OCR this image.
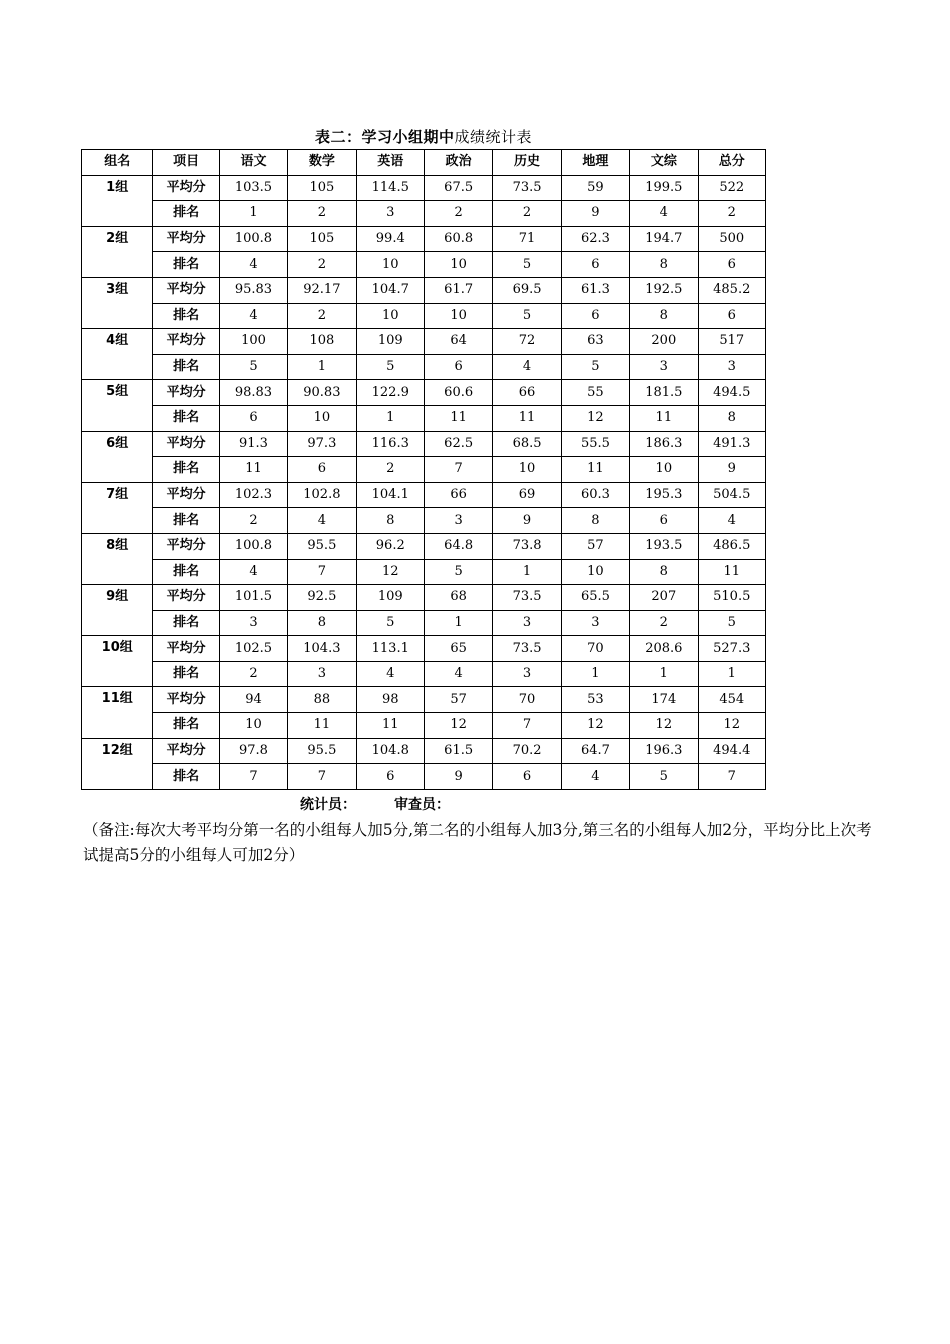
表二：学习小组期中成绩统计表
组名	项目	语文	数学	英语	政治	历史	地理	文综	总分
1组	平均分	103.5	105	114.5	67.5	73.5	59	199.5	522
	排名	1	2	3	2	2	9	4	2
2组	平均分	100.8	105	99.4	60.8	71	62.3	194.7	500
	排名	4	2	10	10	5	6	8	6
3组	平均分	95.83	92.17	104.7	61.7	69.5	61.3	192.5	485.2
	排名	4	2	10	10	5	6	8	6
4组	平均分	100	108	109	64	72	63	200	517
	排名	5	1	5	6	4	5	3	3
5组	平均分	98.83	90.83	122.9	60.6	66	55	181.5	494.5
	排名	6	10	1	11	11	12	11	8
6组	平均分	91.3	97.3	116.3	62.5	68.5	55.5	186.3	491.3
	排名	11	6	2	7	10	11	10	9
7组	平均分	102.3	102.8	104.1	66	69	60.3	195.3	504.5
	排名	2	4	8	3	9	8	6	4
8组	平均分	100.8	95.5	96.2	64.8	73.8	57	193.5	486.5
	排名	4	7	12	5	1	10	8	11
9组	平均分	101.5	92.5	109	68	73.5	65.5	207	510.5
	排名	3	8	5	1	3	3	2	5
10组	平均分	102.5	104.3	113.1	65	73.5	70	208.6	527.3
	排名	2	3	4	4	3	1	1	1
11组	平均分	94	88	98	57	70	53	174	454
	排名	10	11	11	12	7	12	12	12
12组	平均分	97.8	95.5	104.8	61.5	70.2	64.7	196.3	494.4
	排名	7	7	6	9	6	4	5	7
统计员：	审查员：
（备注:每次大考平均分第一名的小组每人加5分,第二名的小组每人加3分,第三名的小组每人加2分，平均分比上次考试提高5分的小组每人可加2分）
